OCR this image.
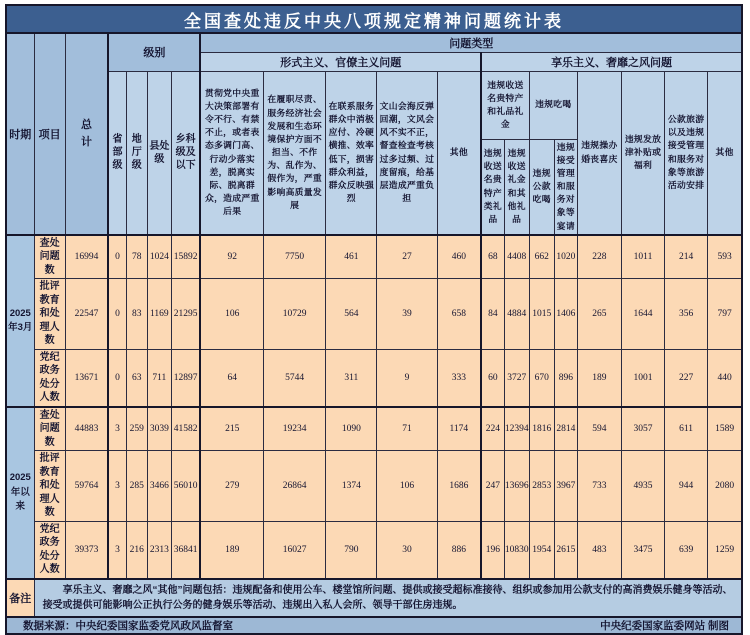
全国查处违反中央八项规定精神问题统计表																			
时期	项目	总计	级别				问题类型												
							形式主义、官僚主义问题					享乐主义、奢靡之风问题							
			省部级	地厅级	县处级	乡科级及以下	贯彻党中央重大决策部署有令不行、有禁不止，或者表态多调门高、行动少落实差，脱离实际、脱离群众，造成严重后果	在履职尽责、服务经济社会发展和生态环境保护方面不担当、不作为、乱作为、假作为，严重影响高质量发展	在联系服务群众中消极应付、冷硬横推、效率低下，损害群众利益，群众反映强烈	文山会海反弹回潮，文风会风不实不正，督查检查考核过多过频、过度留痕，给基层造成严重负担	其他	违规收送名贵特产和礼品礼金		违规吃喝		违规操办婚丧喜庆	违规发放津补贴或福利	公款旅游以及违规接受管理和服务对象等旅游活动安排	其他
												违规收送名贵特产类礼品	违规收送礼金和其他礼品	违规公款吃喝	违规接受管理和服务对象等宴请				
2025年3月	查处问题数	16994	0	78	1024	15892	92	7750	461	27	460	68	4408	662	1020	228	1011	214	593
	批评教育和处理人数	22547	0	83	1169	21295	106	10729	564	39	658	84	4884	1015	1406	265	1644	356	797
	党纪政务处分人数	13671	0	63	711	12897	64	5744	311	9	333	60	3727	670	896	189	1001	227	440
2025年以来	查处问题数	44883	3	259	3039	41582	215	19234	1090	71	1174	224	12394	1816	2814	594	3057	611	1589
	批评教育和处理人数	59764	3	285	3466	56010	279	26864	1374	106	1686	247	13696	2853	3967	733	4935	944	2080
	党纪政务处分人数	39373	3	216	2313	36841	189	16027	790	30	886	196	10830	1954	2615	483	3475	639	1259
备注	享乐主义、奢靡之风“其他”问题包括：违规配备和使用公车、楼堂馆所问题、提供或接受超标准接待、组织或参加用公款支付的高消费娱乐健身等活动、接受或提供可能影响公正执行公务的健身娱乐等活动、违规出入私人会所、领导干部住房违规。																		

数据来源：中央纪委国家监委党风政风监督室 中央纪委国家监委网站 制图																			
